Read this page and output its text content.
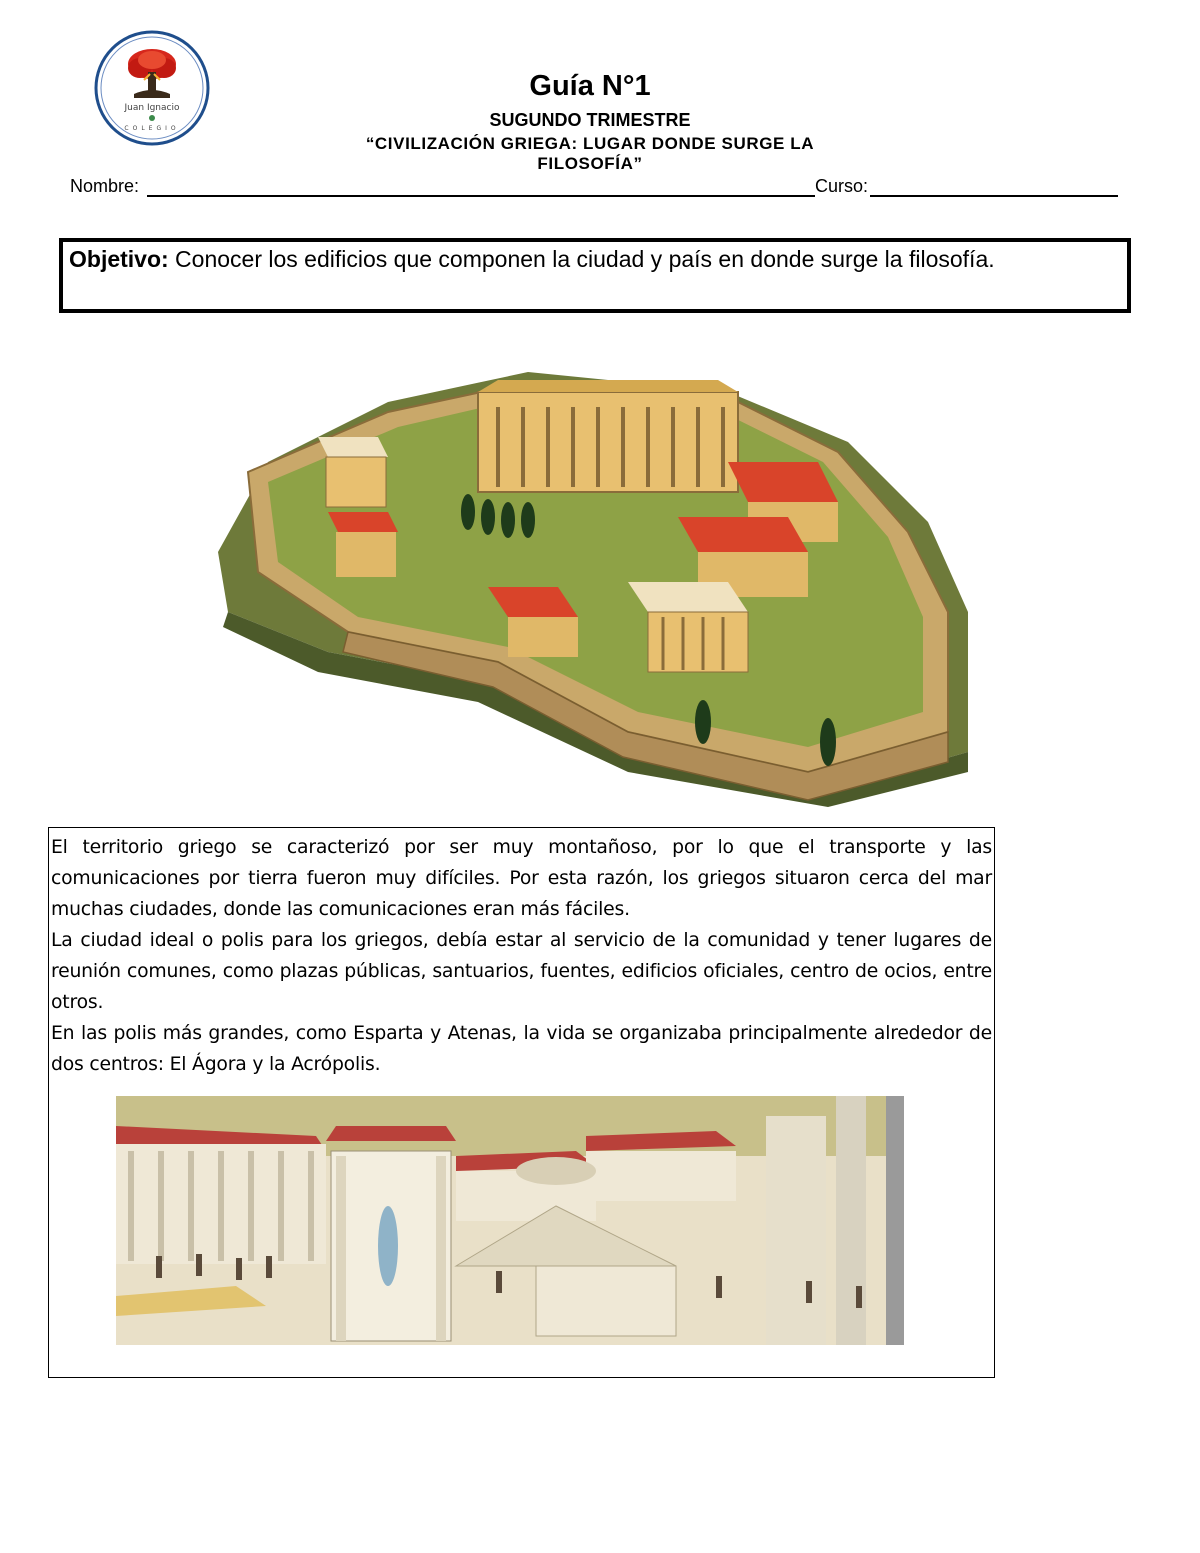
Juan Ignacio
COLEGIO
Guía N°1
SUGUNDO TRIMESTRE
“CIVILIZACIÓN GRIEGA: LUGAR DONDE SURGE LA FILOSOFÍA”
Nombre:	Curso:
Objetivo: Conocer los edificios que componen la ciudad y país en donde surge la filosofía.
El territorio griego se caracterizó por ser muy montañoso, por lo que el transporte y las comunicaciones por tierra fueron muy difíciles. Por esta razón, los griegos situaron cerca del mar muchas ciudades, donde las comunicaciones eran más fáciles.
La ciudad ideal o polis para los griegos, debía estar al servicio de la comunidad y tener lugares de reunión comunes, como plazas públicas, santuarios, fuentes, edificios oficiales, centro de ocios, entre otros.
En las polis más grandes, como Esparta y Atenas, la vida se organizaba principalmente alrededor de dos centros: El Ágora y la Acrópolis.
